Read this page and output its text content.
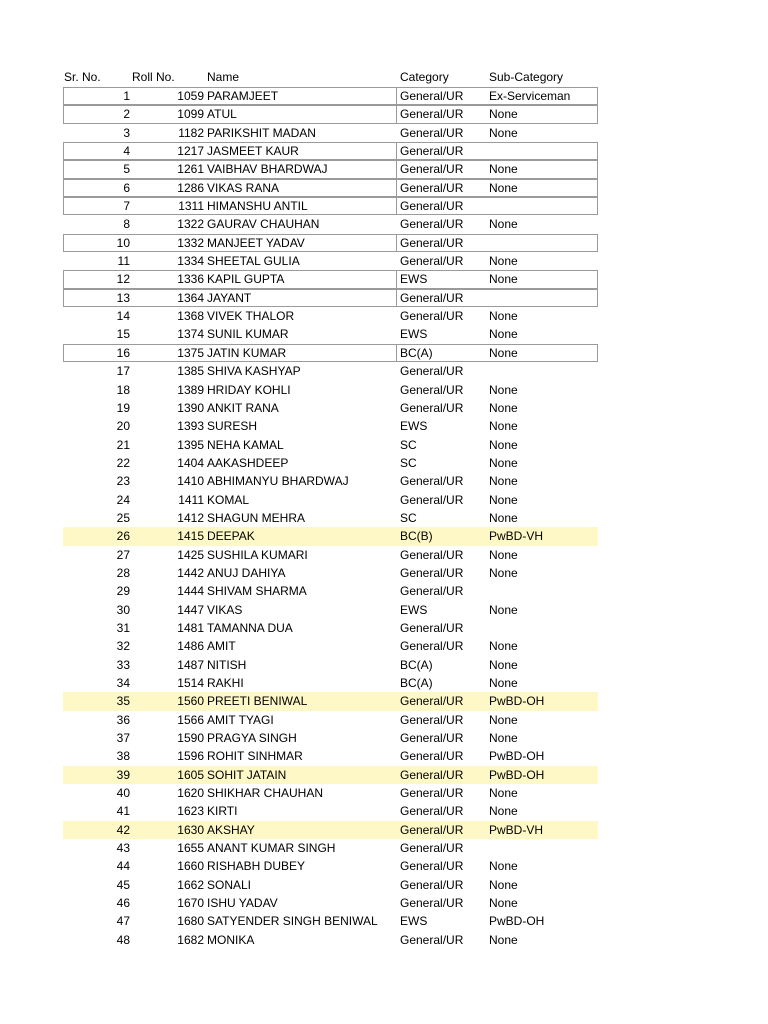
Sr. No.	Roll No.	Name	Category	Sub-Category
1	1059 PARAMJEET	General/UR	Ex-Serviceman
2	1099 ATUL	General/UR	None
3	1182 PARIKSHIT MADAN	General/UR	None
4	1217 JASMEET KAUR	General/UR
5	1261 VAIBHAV BHARDWAJ	General/UR	None
6	1286 VIKAS RANA	General/UR	None
7	1311 HIMANSHU ANTIL	General/UR
8	1322 GAURAV CHAUHAN	General/UR	None
10	1332 MANJEET YADAV	General/UR
11	1334 SHEETAL GULIA	General/UR	None
12	1336 KAPIL GUPTA	EWS	None
13	1364 JAYANT	General/UR
14	1368 VIVEK THALOR	General/UR	None
15	1374 SUNIL KUMAR	EWS	None
16	1375 JATIN KUMAR	BC(A)	None
17	1385 SHIVA KASHYAP	General/UR
18	1389 HRIDAY KOHLI	General/UR	None
19	1390 ANKIT RANA	General/UR	None
20	1393 SURESH	EWS	None
21	1395 NEHA KAMAL	SC	None
22	1404 AAKASHDEEP	SC	None
23	1410 ABHIMANYU BHARDWAJ	General/UR	None
24	1411 KOMAL	General/UR	None
25	1412 SHAGUN MEHRA	SC	None
26	1415 DEEPAK	BC(B)	PwBD-VH
27	1425 SUSHILA KUMARI	General/UR	None
28	1442 ANUJ DAHIYA	General/UR	None
29	1444 SHIVAM SHARMA	General/UR
30	1447 VIKAS	EWS	None
31	1481 TAMANNA DUA	General/UR
32	1486 AMIT	General/UR	None
33	1487 NITISH	BC(A)	None
34	1514 RAKHI	BC(A)	None
35	1560 PREETI BENIWAL	General/UR	PwBD-OH
36	1566 AMIT TYAGI	General/UR	None
37	1590 PRAGYA SINGH	General/UR	None
38	1596 ROHIT SINHMAR	General/UR	PwBD-OH
39	1605 SOHIT JATAIN	General/UR	PwBD-OH
40	1620 SHIKHAR CHAUHAN	General/UR	None
41	1623 KIRTI	General/UR	None
42	1630 AKSHAY	General/UR	PwBD-VH
43	1655 ANANT KUMAR SINGH	General/UR
44	1660 RISHABH DUBEY	General/UR	None
45	1662 SONALI	General/UR	None
46	1670 ISHU YADAV	General/UR	None
47	1680 SATYENDER SINGH BENIWAL	EWS	PwBD-OH
48	1682 MONIKA	General/UR	None
